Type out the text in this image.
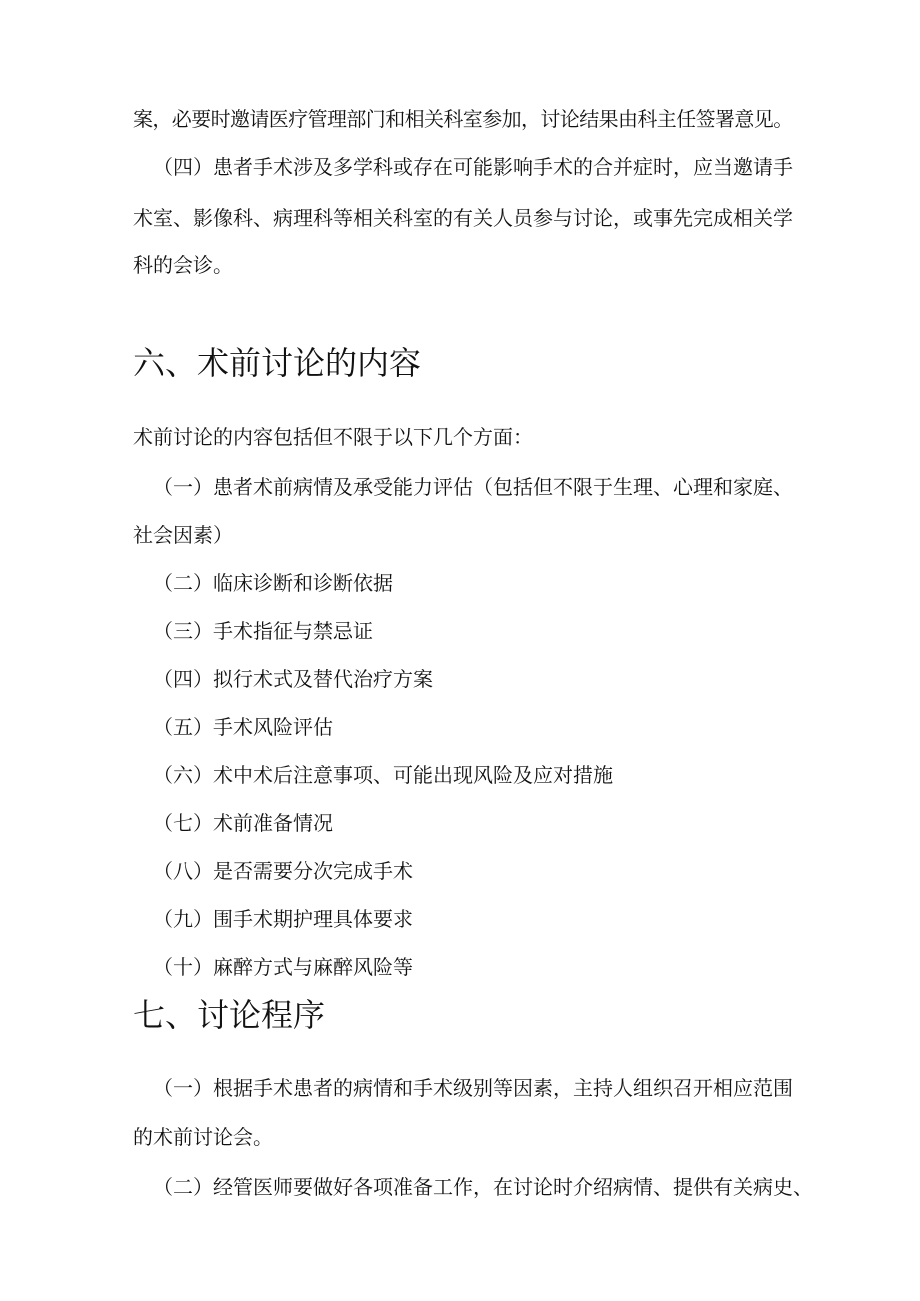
案，必要时邀请医疗管理部门和相关科室参加，讨论结果由科主任签署意见。
（四）患者手术涉及多学科或存在可能影响手术的合并症时，应当邀请手
术室、影像科、病理科等相关科室的有关人员参与讨论，或事先完成相关学
科的会诊。
六、术前讨论的内容
术前讨论的内容包括但不限于以下几个方面：
（一）患者术前病情及承受能力评估（包括但不限于生理、心理和家庭、
社会因素）
（二）临床诊断和诊断依据
（三）手术指征与禁忌证
（四）拟行术式及替代治疗方案
（五）手术风险评估
（六）术中术后注意事项、可能出现风险及应对措施
（七）术前准备情况
（八）是否需要分次完成手术
（九）围手术期护理具体要求
（十）麻醉方式与麻醉风险等
七、讨论程序
（一）根据手术患者的病情和手术级别等因素，主持人组织召开相应范围
的术前讨论会。
（二）经管医师要做好各项准备工作，在讨论时介绍病情、提供有关病史、
